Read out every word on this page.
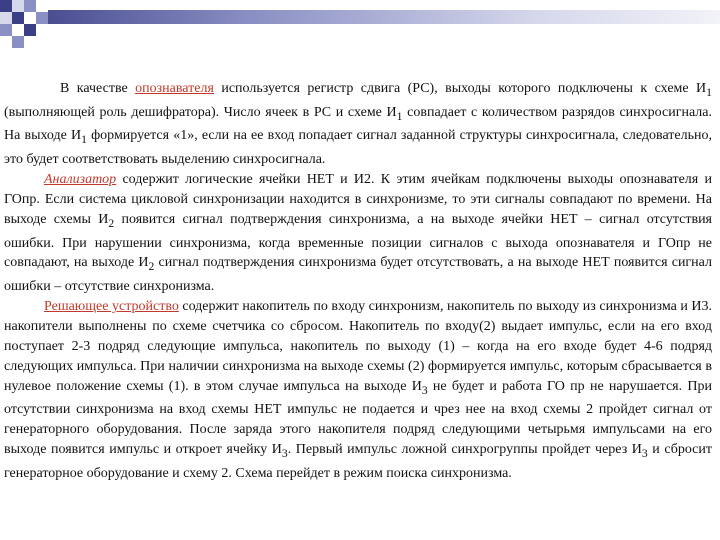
В качестве опознавателя используется регистр сдвига (РС), выходы которого подключены к схеме $И_1$ (выполняющей роль дешифратора). Число ячеек в РС и схеме $И_1$ совпадает с количеством разрядов синхросигнала. На выходе $И_1$ формируется «1», если на ее вход попадает сигнал заданной структуры синхросигнала, следовательно, это будет соответствовать выделению синхросигнала.

Анализатор содержит логические ячейки НЕТ и И2. К этим ячейкам подключены выходы опознавателя и ГОпр. Если система цикловой синхронизации находится в синхронизме, то эти сигналы совпадают по времени. На выходе схемы $И_2$ появится сигнал подтверждения синхронизма, а на выходе ячейки НЕТ – сигнал отсутствия ошибки. При нарушении синхронизма, когда временные позиции сигналов с выхода опознавателя и ГОпр не совпадают, на выходе $И_2$ сигнал подтверждения синхронизма будет отсутствовать, а на выходе НЕТ появится сигнал ошибки – отсутствие синхронизма.

Решающее устройство содержит накопитель по входу синхронизм, накопитель по выходу из синхронизма и И3. накопители выполнены по схеме счетчика со сбросом. Накопитель по входу(2) выдает импульс, если на его вход поступает 2-3 подряд следующие импульса, накопитель по выходу (1) – когда на его входе будет 4-6 подряд следующих импульса. При наличии синхронизма на выходе схемы (2) формируется импульс, которым сбрасывается в нулевое положение схемы (1). в этом случае импульса на выходе $И_3$ не будет и работа ГО пр не нарушается. При отсутствии синхронизма на вход схемы НЕТ импульс не подается и чрез нее на вход схемы 2 пройдет сигнал от генераторного оборудования. После заряда этого накопителя подряд следующими четырьмя импульсами на его выходе появится импульс и откроет ячейку $И_3$. Первый импульс ложной синхрогруппы пройдет через $И_3$ и сбросит генераторное оборудование и схему 2. Схема перейдет в режим поиска синхронизма.
